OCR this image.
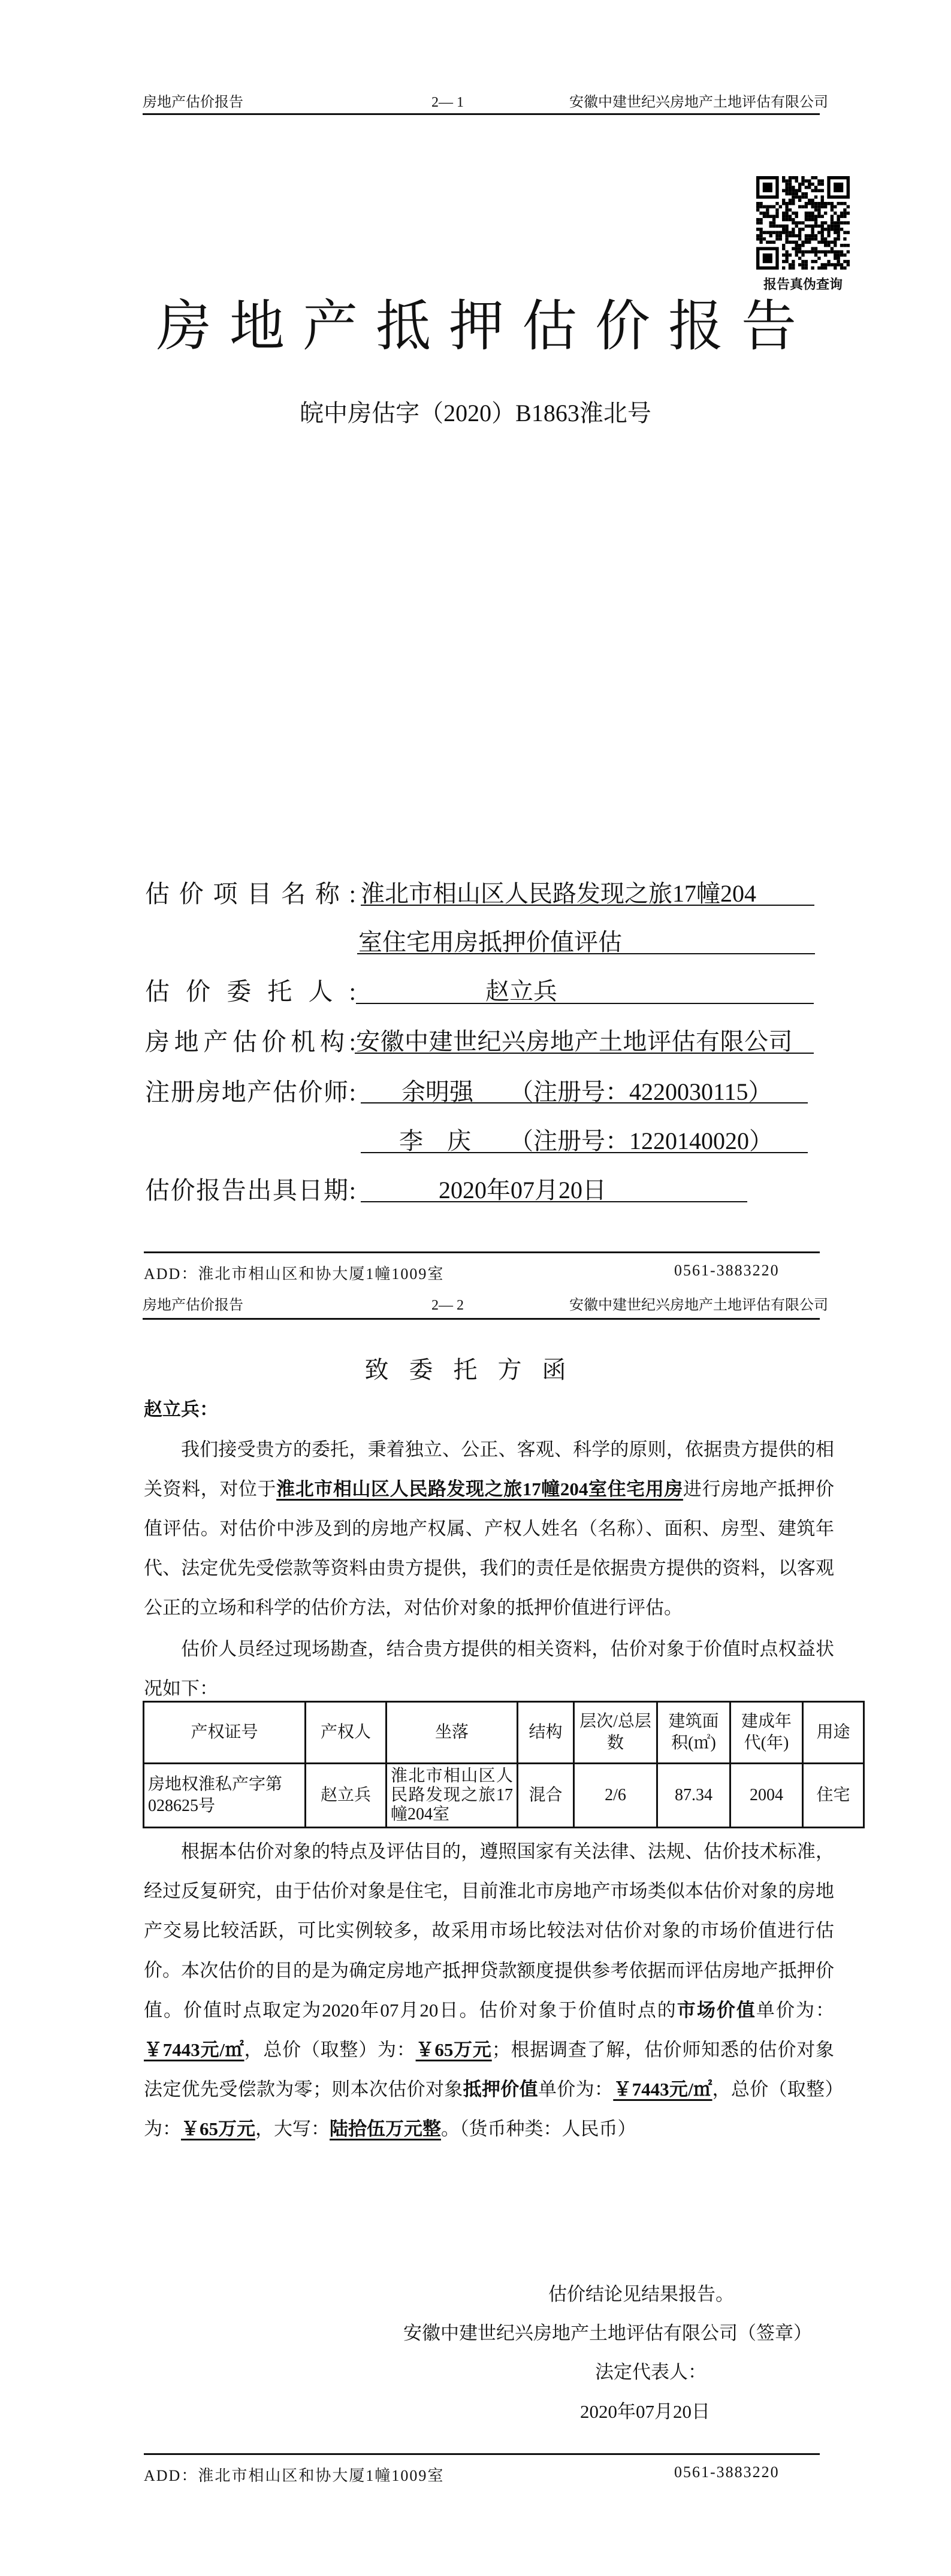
房地产估价报告	2— 1	安徽中建世纪兴房地产土地评估有限公司
报告真伪查询
房地产抵押估价报告
皖中房估字（2020）B1863淮北号
估价项目名称: 淮北市相山区人民路发现之旅17幢204
室住宅用房抵押价值评估
估价委托人:	赵立兵
房地产估价机构: 安徽中建世纪兴房地产土地评估有限公司
注册房地产估价师: 余明强 （注册号：4220030115）
李　庆 （注册号：1220140020）
估价报告出具日期:	2020年07月20日
ADD：淮北市相山区和协大厦1幢1009室	0561-3883220
房地产估价报告	2— 2	安徽中建世纪兴房地产土地评估有限公司
致委托方函
赵立兵：
我们接受贵方的委托，秉着独立、公正、客观、科学的原则，依据贵方提供的相关资料，对位于淮北市相山区人民路发现之旅17幢204室住宅用房进行房地产抵押价值评估。对估价中涉及到的房地产权属、产权人姓名（名称）、面积、房型、建筑年代、法定优先受偿款等资料由贵方提供，我们的责任是依据贵方提供的资料，以客观公正的立场和科学的估价方法，对估价对象的抵押价值进行评估。
估价人员经过现场勘查，结合贵方提供的相关资料，估价对象于价值时点权益状况如下：
产权证号	产权人	坐落	结构	层次/总层数	建筑面积(㎡)	建成年代(年)	用途
房地权淮私产字第028625号	赵立兵	淮北市相山区人民路发现之旅17幢204室	混合	2/6	87.34	2004	住宅
根据本估价对象的特点及评估目的，遵照国家有关法律、法规、估价技术标准，经过反复研究，由于估价对象是住宅，目前淮北市房地产市场类似本估价对象的房地产交易比较活跃，可比实例较多，故采用市场比较法对估价对象的市场价值进行估价。 本次估价的目的是为确定房地产抵押贷款额度提供参考依据而评估房地产抵押价值。价值时点取定为2020年07月20日。估价对象于价值时点的市场价值单价为：￥7443元/㎡，总价（取整）为：￥65万元；根据调查了解，估价师知悉的估价对象法定优先受偿款为零；则本次估价对象抵押价值单价为：￥7443元/㎡，总价（取整）为：￥65万元，大写：陆拾伍万元整。（货币种类：人民币）
估价结论见结果报告。
安徽中建世纪兴房地产土地评估有限公司（签章）
法定代表人：
2020年07月20日
ADD：淮北市相山区和协大厦1幢1009室	0561-3883220
